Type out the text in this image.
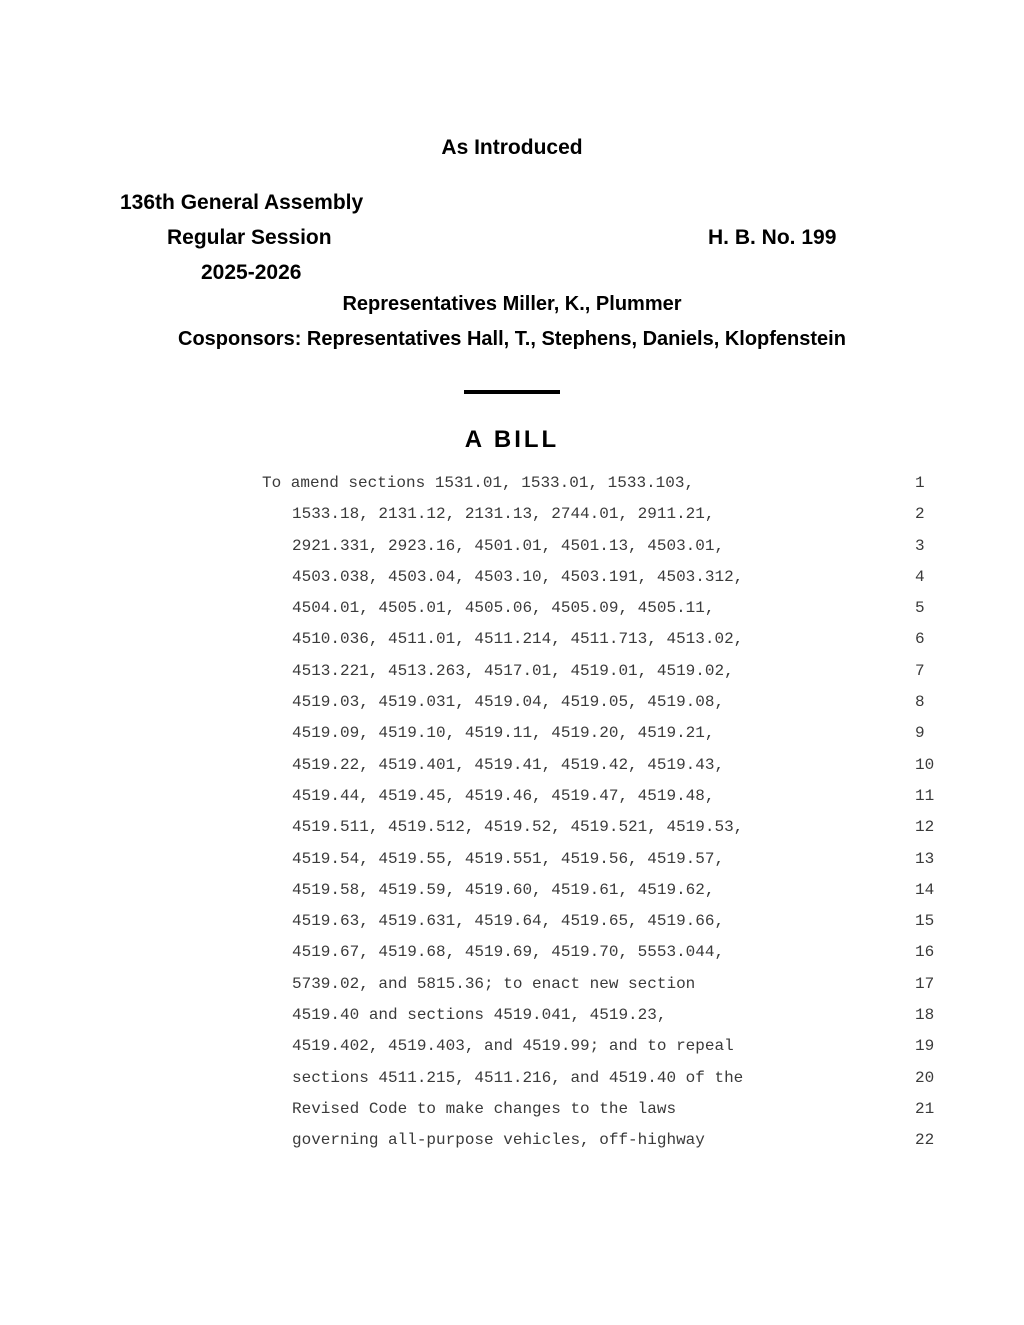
As Introduced
136th General Assembly
Regular Session	H. B. No. 199
2025-2026
Representatives Miller, K., Plummer
Cosponsors: Representatives Hall, T., Stephens, Daniels, Klopfenstein
A BILL
To amend sections 1531.01, 1533.01, 1533.103,	1
1533.18, 2131.12, 2131.13, 2744.01, 2911.21,	2
2921.331, 2923.16, 4501.01, 4501.13, 4503.01,	3
4503.038, 4503.04, 4503.10, 4503.191, 4503.312,	4
4504.01, 4505.01, 4505.06, 4505.09, 4505.11,	5
4510.036, 4511.01, 4511.214, 4511.713, 4513.02,	6
4513.221, 4513.263, 4517.01, 4519.01, 4519.02,	7
4519.03, 4519.031, 4519.04, 4519.05, 4519.08,	8
4519.09, 4519.10, 4519.11, 4519.20, 4519.21,	9
4519.22, 4519.401, 4519.41, 4519.42, 4519.43,	10
4519.44, 4519.45, 4519.46, 4519.47, 4519.48,	11
4519.511, 4519.512, 4519.52, 4519.521, 4519.53,	12
4519.54, 4519.55, 4519.551, 4519.56, 4519.57,	13
4519.58, 4519.59, 4519.60, 4519.61, 4519.62,	14
4519.63, 4519.631, 4519.64, 4519.65, 4519.66,	15
4519.67, 4519.68, 4519.69, 4519.70, 5553.044,	16
5739.02, and 5815.36; to enact new section	17
4519.40 and sections 4519.041, 4519.23,	18
4519.402, 4519.403, and 4519.99; and to repeal	19
sections 4511.215, 4511.216, and 4519.40 of the	20
Revised Code to make changes to the laws	21
governing all-purpose vehicles, off-highway	22
